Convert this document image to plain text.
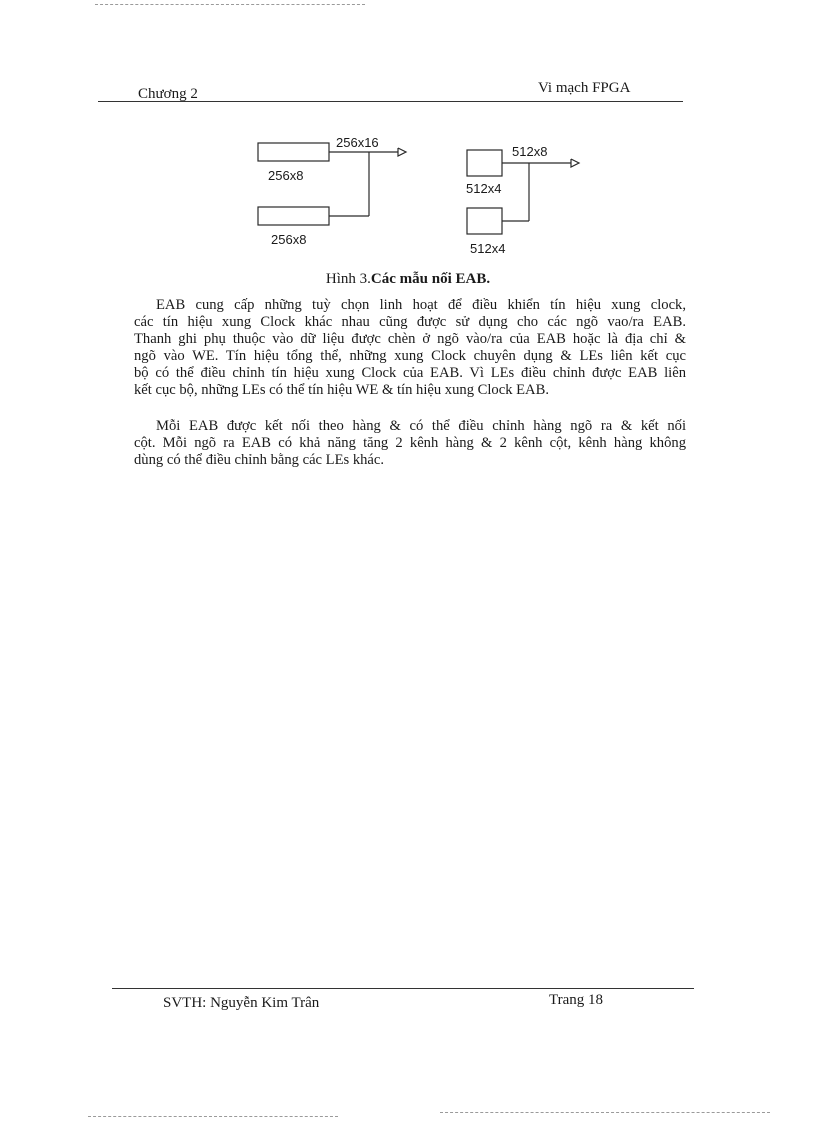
Chương 2	Vi mạch FPGA
256x16
256x8
256x8
512x8
512x4
512x4
Hình 3.Các mẫu nối EAB.

EAB cung cấp những tuỳ chọn linh hoạt để điều khiển tín hiệu xung clock,
các tín hiệu xung Clock khác nhau cũng được sử dụng cho các ngõ vao/ra EAB.
Thanh ghi phụ thuộc vào dữ liệu được chèn ở ngõ vào/ra của EAB hoặc là địa chỉ &
ngõ vào WE. Tín hiệu tổng thể, những xung Clock chuyên dụng & LEs liên kết cục
bộ có thể điều chỉnh tín hiệu xung Clock của EAB. Vì LEs điều chỉnh được EAB liên
kết cục bộ, những LEs có thể tín hiệu WE & tín hiệu xung Clock EAB.

Mỗi EAB được kết nối theo hàng & có thể điều chỉnh hàng ngõ ra & kết nối
cột. Mỗi ngõ ra EAB có khả năng tăng 2 kênh hàng & 2 kênh cột, kênh hàng không
dùng có thể điều chỉnh bằng các LEs khác.

SVTH: Nguyễn Kim Trân	Trang 18
